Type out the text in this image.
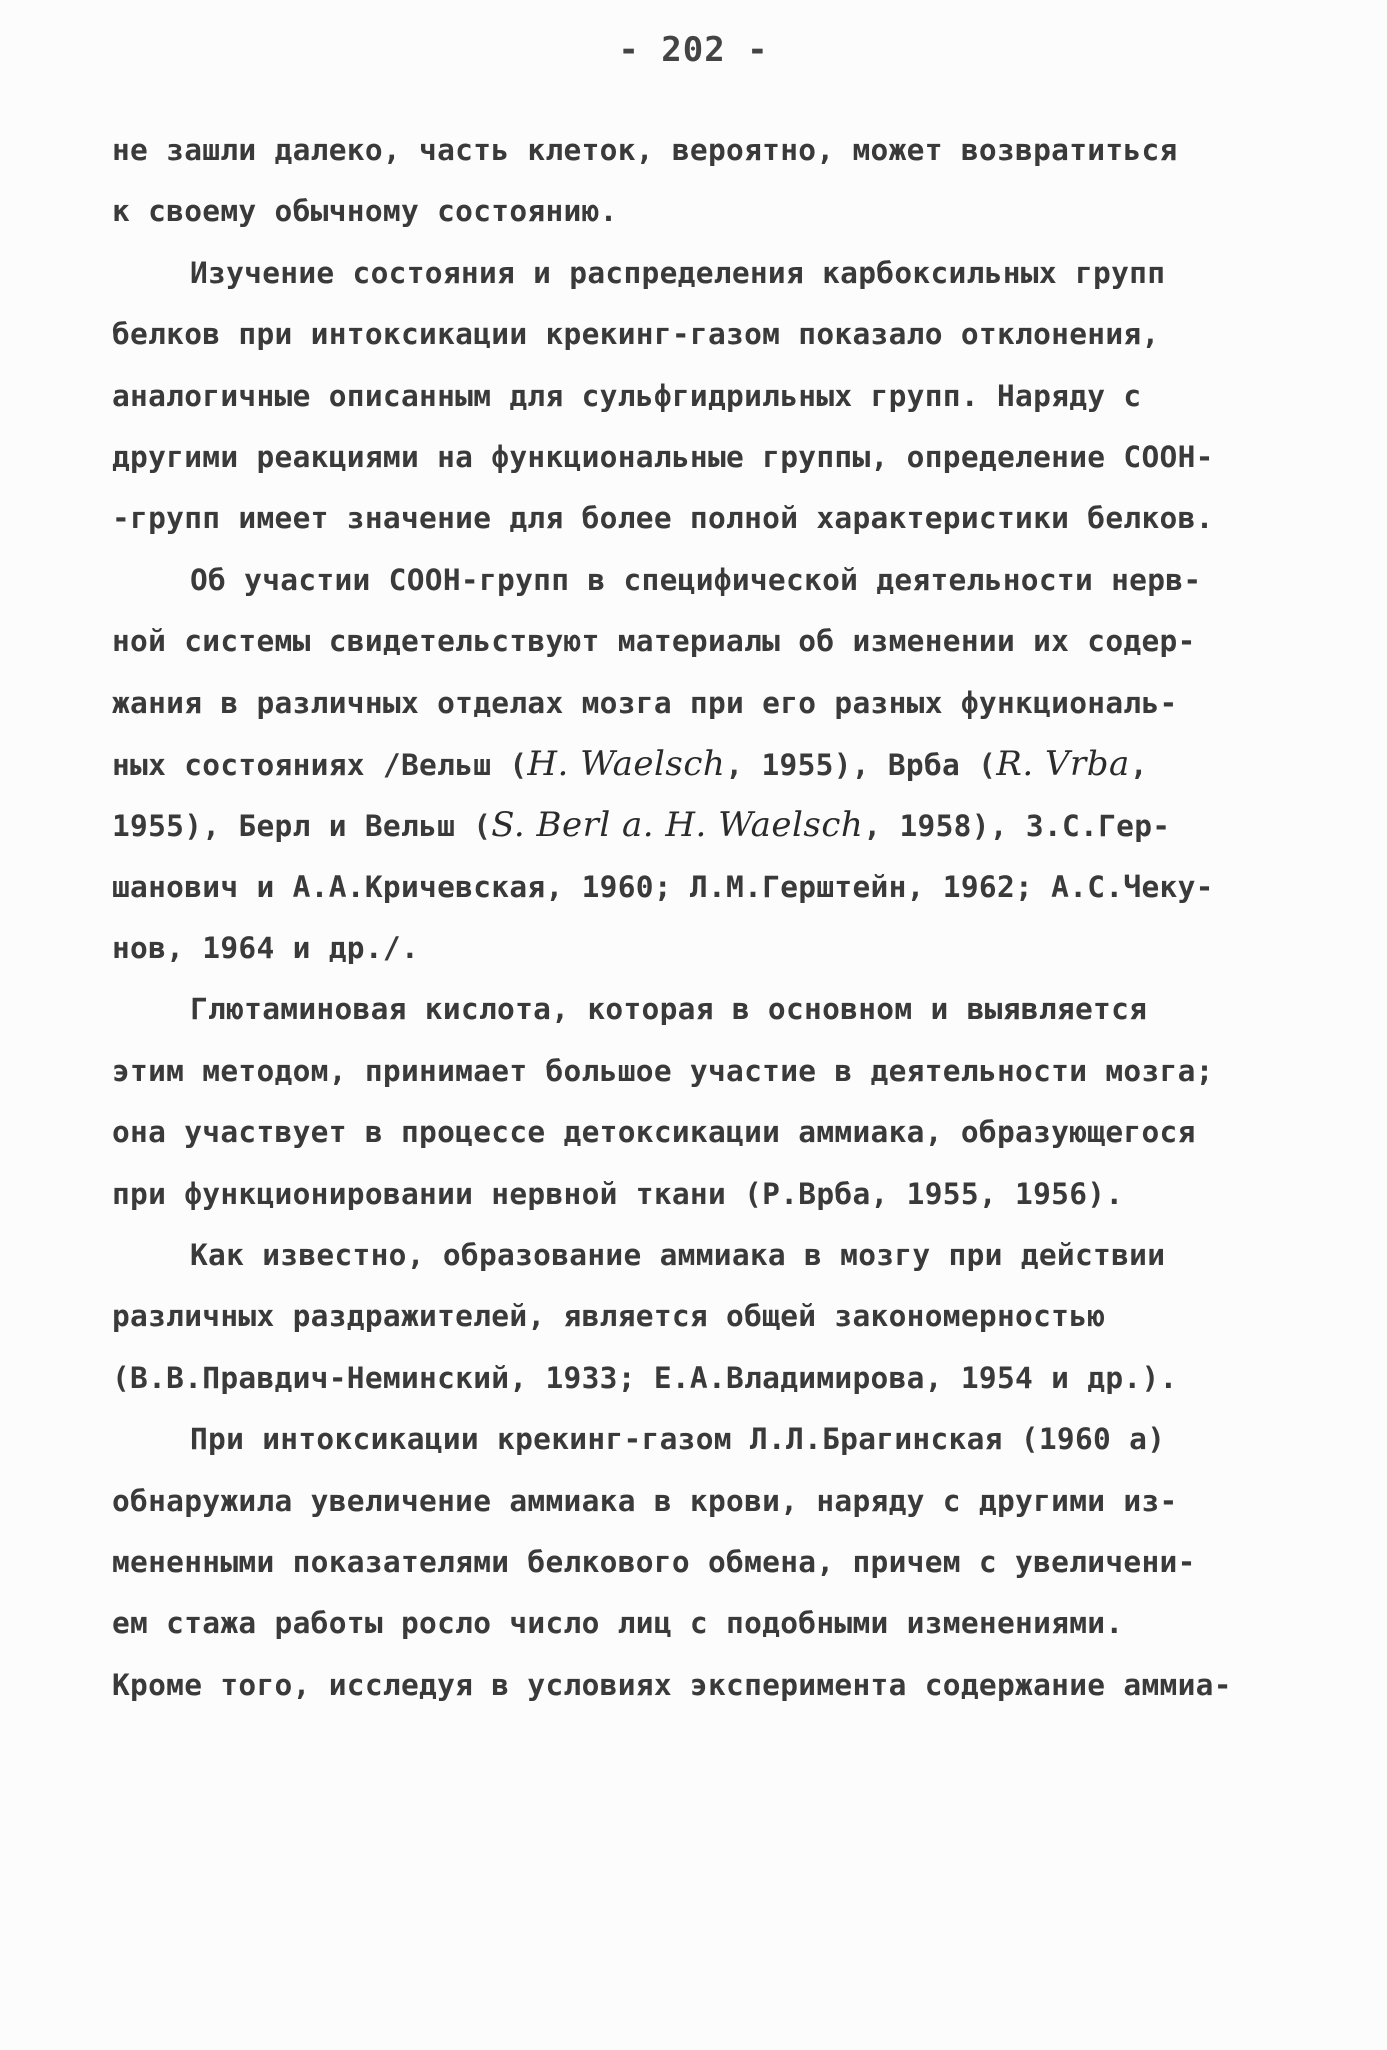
- 202 -
не зашли далеко, часть клеток, вероятно, может возвратиться
к своему обычному состоянию.
Изучение состояния и распределения карбоксильных групп
белков при интоксикации крекинг-газом показало отклонения,
аналогичные описанным для сульфгидрильных групп. Наряду с
другими реакциями на функциональные группы, определение COOH-
-групп имеет значение для более полной характеристики белков.
Об участии COOH-групп в специфической деятельности нерв-
ной системы свидетельствуют материалы об изменении их содер-
жания в различных отделах мозга при его разных функциональ-
ных состояниях /Вельш (H. Waelsch, 1955), Врба (R. Vrba,
1955), Берл и Вельш (S. Berl a. H. Waelsch, 1958), З.С.Гер-
шанович и А.А.Кричевская, 1960; Л.М.Герштейн, 1962; А.С.Чеку-
нов, 1964 и др./.
Глютаминовая кислота, которая в основном и выявляется
этим методом, принимает большое участие в деятельности мозга;
она участвует в процессе детоксикации аммиака, образующегося
при функционировании нервной ткани (Р.Врба, 1955, 1956).
Как известно, образование аммиака в мозгу при действии
различных раздражителей, является общей закономерностью
(В.В.Правдич-Неминский, 1933; Е.А.Владимирова, 1954 и др.).
При интоксикации крекинг-газом Л.Л.Брагинская (1960 а)
обнаружила увеличение аммиака в крови, наряду с другими из-
мененными показателями белкового обмена, причем с увеличени-
ем стажа работы росло число лиц с подобными изменениями.
Кроме того, исследуя в условиях эксперимента содержание аммиа-
